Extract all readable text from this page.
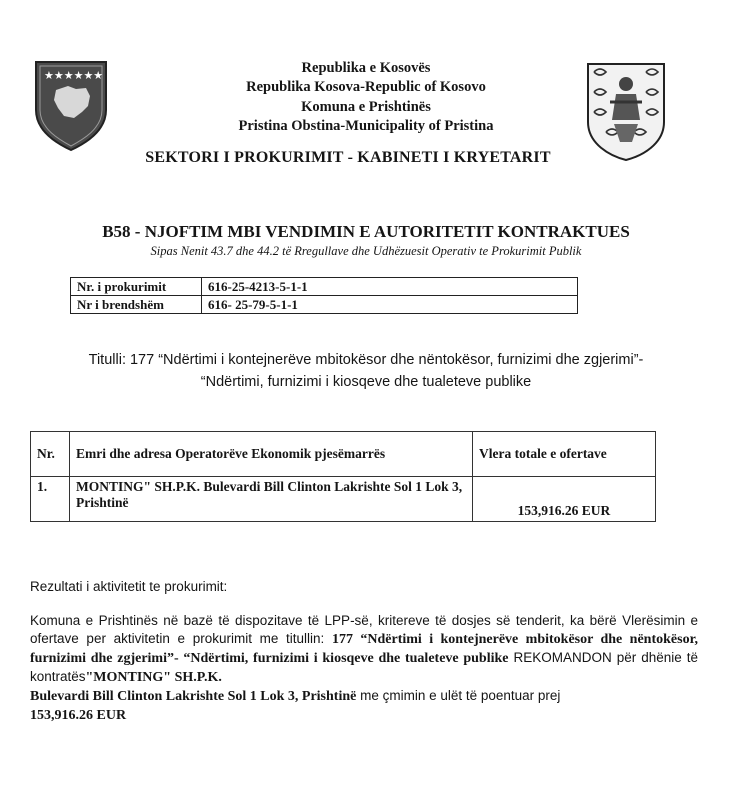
★★★★★★	Republika e Kosovës
Republika Kosova-Republic of Kosovo
Komuna e Prishtinës
Pristina Obstina-Municipality of Pristina
SEKTORI I PROKURIMIT - KABINETI I KRYETARIT
B58 - NJOFTIM MBI VENDIMIN E AUTORITETIT KONTRAKTUES
Sipas Nenit 43.7 dhe 44.2 të Rregullave dhe Udhëzuesit Operativ te Prokurimit Publik
Nr. i prokurimit	616-25-4213-5-1-1
Nr i brendshëm	616- 25-79-5-1-1
Titulli: 177 “Ndërtimi i kontejnerëve mbitokësor dhe nëntokësor, furnizimi dhe zgjerimi”-
“Ndërtimi, furnizimi i kiosqeve dhe tualeteve publike
Nr.	Emri dhe adresa Operatorëve Ekonomik pjesëmarrës	Vlera totale e ofertave
1.	MONTING" SH.P.K. Bulevardi Bill Clinton Lakrishte Sol 1 Lok 3, Prishtinë	153,916.26 EUR
Rezultati i aktivitetit te prokurimit:
Komuna e Prishtinës në bazë të dispozitave të LPP-së, kritereve të dosjes së tenderit, ka bërë Vlerësimin e ofertave per aktivitetin e prokurimit me titullin: 177 “Ndërtimi i kontejnerëve mbitokësor dhe nëntokësor, furnizimi dhe zgjerimi”- “Ndërtimi, furnizimi i kiosqeve dhe tualeteve publike REKOMANDON për dhënie të kontratës"MONTING" SH.P.K.
Bulevardi Bill Clinton Lakrishte Sol 1 Lok 3, Prishtinë me çmimin e ulët të poentuar prej
153,916.26 EUR
